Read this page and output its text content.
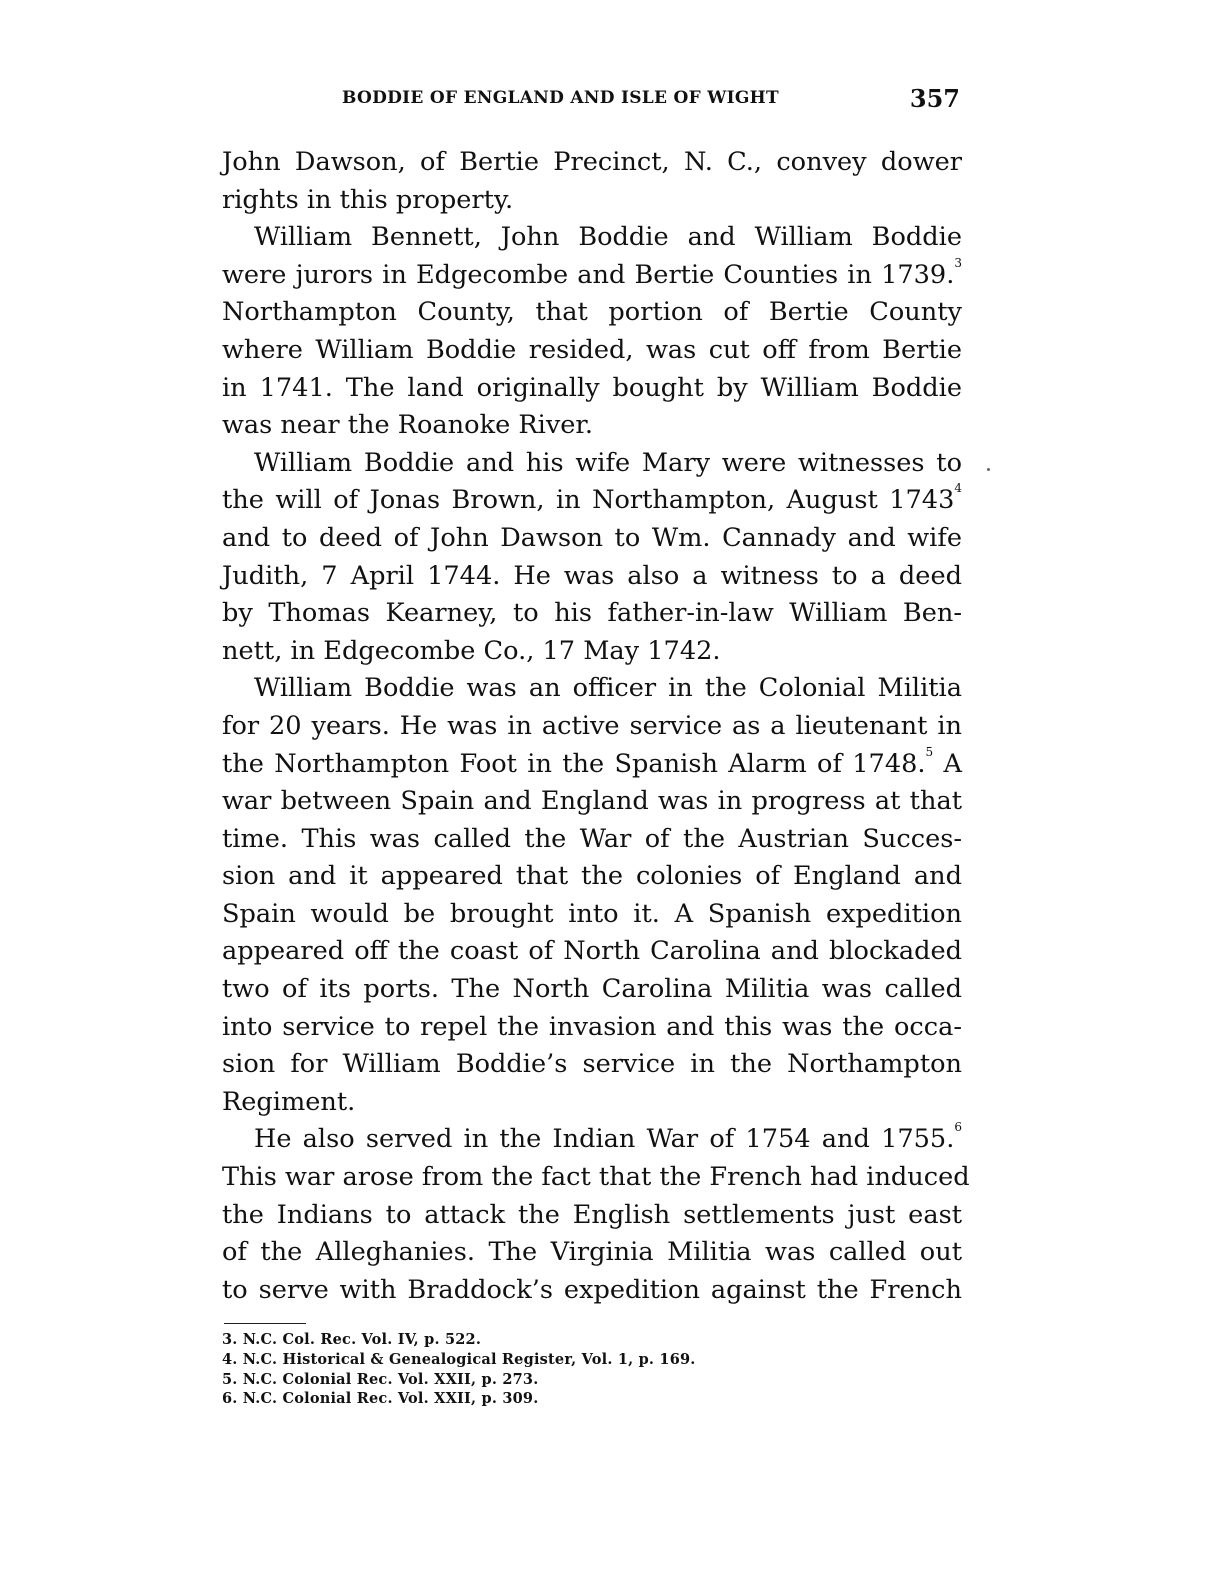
BODDIE OF ENGLAND AND ISLE OF WIGHT	357
John Dawson, of Bertie Precinct, N. C., convey dower
rights in this property.
William Bennett, John Boddie and William Boddie
were jurors in Edgecombe and Bertie Counties in 1739.$^3$
Northampton County, that portion of Bertie County
where William Boddie resided, was cut off from Bertie
in 1741. The land originally bought by William Boddie
was near the Roanoke River.
William Boddie and his wife Mary were witnesses to
the will of Jonas Brown, in Northampton, August 1743$^4$
and to deed of John Dawson to Wm. Cannady and wife
Judith, 7 April 1744. He was also a witness to a deed
by Thomas Kearney, to his father-in-law William Ben-
nett, in Edgecombe Co., 17 May 1742.
William Boddie was an officer in the Colonial Militia
for 20 years. He was in active service as a lieutenant in
the Northampton Foot in the Spanish Alarm of 1748.$^5$ A
war between Spain and England was in progress at that
time. This was called the War of the Austrian Succes-
sion and it appeared that the colonies of England and
Spain would be brought into it. A Spanish expedition
appeared off the coast of North Carolina and blockaded
two of its ports. The North Carolina Militia was called
into service to repel the invasion and this was the occa-
sion for William Boddie’s service in the Northampton
Regiment.
He also served in the Indian War of 1754 and 1755.$^6$
This war arose from the fact that the French had induced
the Indians to attack the English settlements just east
of the Alleghanies. The Virginia Militia was called out
to serve with Braddock’s expedition against the French
3. N.C. Col. Rec. Vol. IV, p. 522.
4. N.C. Historical & Genealogical Register, Vol. 1, p. 169.
5. N.C. Colonial Rec. Vol. XXII, p. 273.
6. N.C. Colonial Rec. Vol. XXII, p. 309.
